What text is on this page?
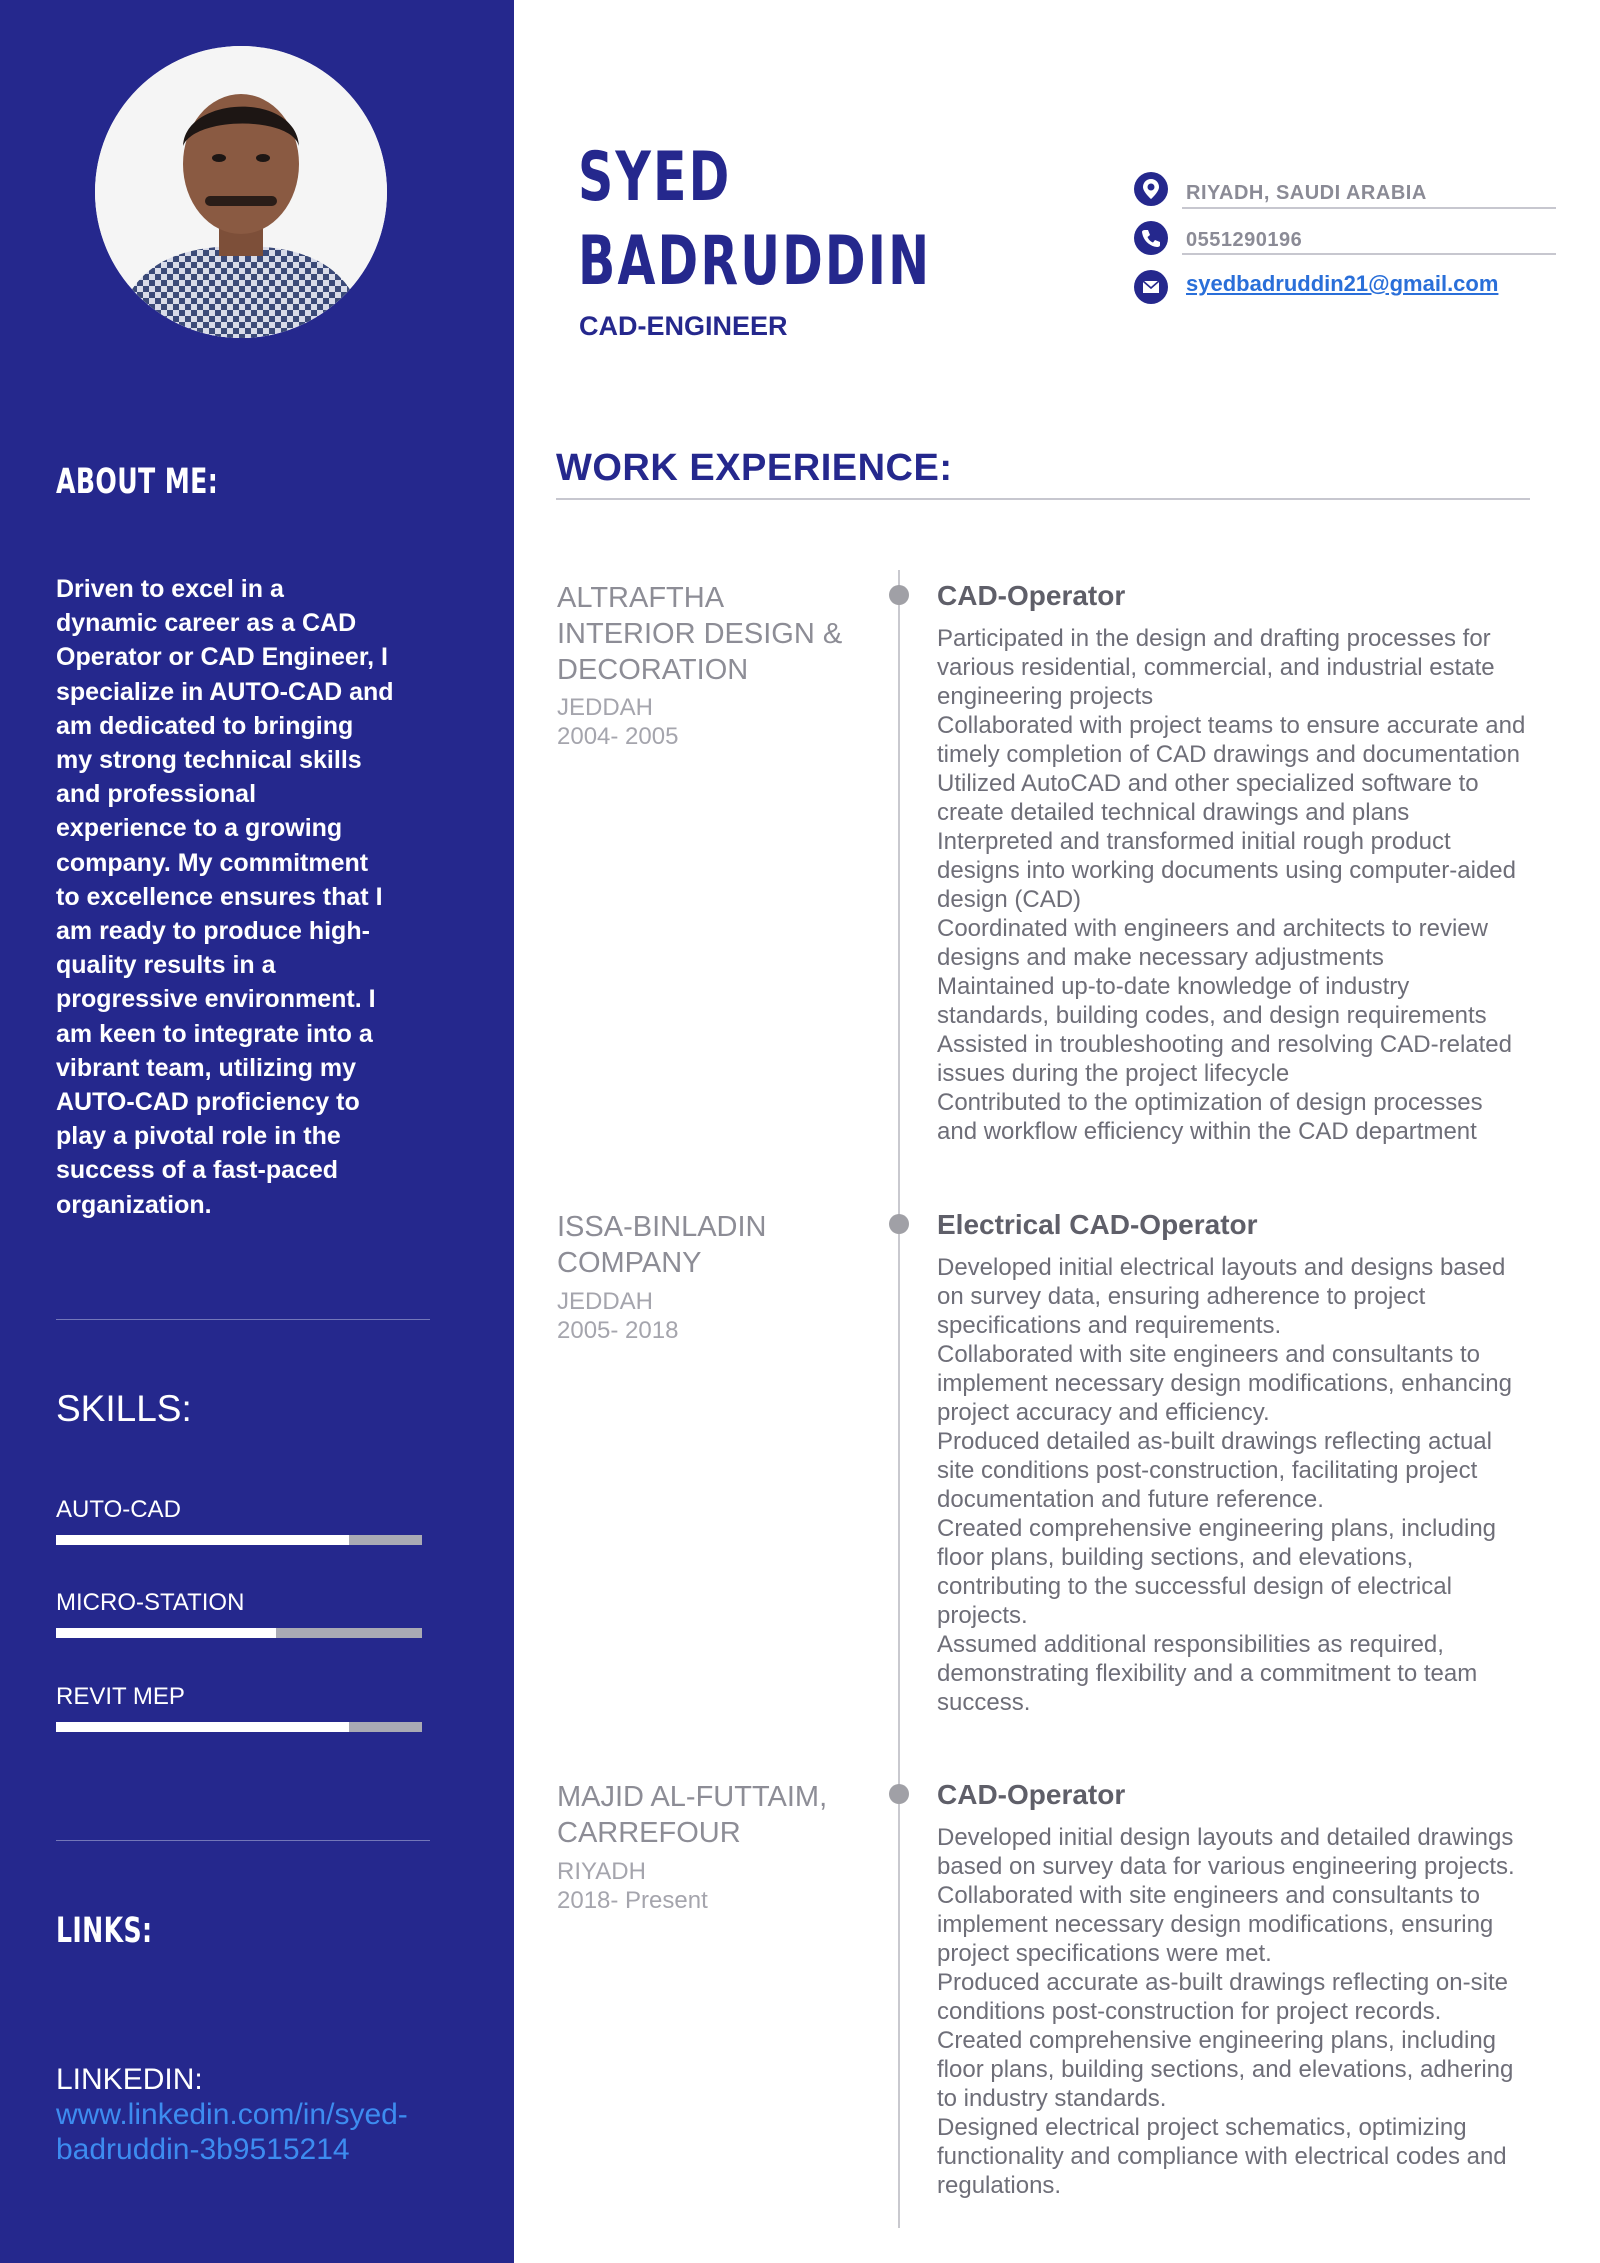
ABOUT ME:
Driven to excel in a
dynamic career as a CAD
Operator or CAD Engineer, I
specialize in AUTO-CAD and
am dedicated to bringing
my strong technical skills
and professional
experience to a growing
company. My commitment
to excellence ensures that I
am ready to produce high-
quality results in a
progressive environment. I
am keen to integrate into a
vibrant team, utilizing my
AUTO-CAD proficiency to
play a pivotal role in the
success of a fast-paced
organization.
SKILLS:
AUTO-CAD
MICRO-STATION
REVIT MEP
LINKS:
LINKEDIN:
www.linkedin.com/in/syed-
badruddin-3b9515214
SYED
BADRUDDIN
CAD-ENGINEER
RIYADH, SAUDI ARABIA
0551290196
syedbadruddin21@gmail.com
WORK EXPERIENCE:
ALTRAFTHA
INTERIOR DESIGN &
DECORATION
JEDDAH
2004- 2005
CAD-Operator
Participated in the design and drafting processes for
various residential, commercial, and industrial estate
engineering projects
Collaborated with project teams to ensure accurate and
timely completion of CAD drawings and documentation
Utilized AutoCAD and other specialized software to
create detailed technical drawings and plans
Interpreted and transformed initial rough product
designs into working documents using computer-aided
design (CAD)
Coordinated with engineers and architects to review
designs and make necessary adjustments
Maintained up-to-date knowledge of industry
standards, building codes, and design requirements
Assisted in troubleshooting and resolving CAD-related
issues during the project lifecycle
Contributed to the optimization of design processes
and workflow efficiency within the CAD department
ISSA-BINLADIN
COMPANY
JEDDAH
2005- 2018
Electrical CAD-Operator
Developed initial electrical layouts and designs based
on survey data, ensuring adherence to project
specifications and requirements.
Collaborated with site engineers and consultants to
implement necessary design modifications, enhancing
project accuracy and efficiency.
Produced detailed as-built drawings reflecting actual
site conditions post-construction, facilitating project
documentation and future reference.
Created comprehensive engineering plans, including
floor plans, building sections, and elevations,
contributing to the successful design of electrical
projects.
Assumed additional responsibilities as required,
demonstrating flexibility and a commitment to team
success.
MAJID AL-FUTTAIM,
CARREFOUR
RIYADH
2018- Present
CAD-Operator
Developed initial design layouts and detailed drawings
based on survey data for various engineering projects.
Collaborated with site engineers and consultants to
implement necessary design modifications, ensuring
project specifications were met.
Produced accurate as-built drawings reflecting on-site
conditions post-construction for project records.
Created comprehensive engineering plans, including
floor plans, building sections, and elevations, adhering
to industry standards.
Designed electrical project schematics, optimizing
functionality and compliance with electrical codes and
regulations.
